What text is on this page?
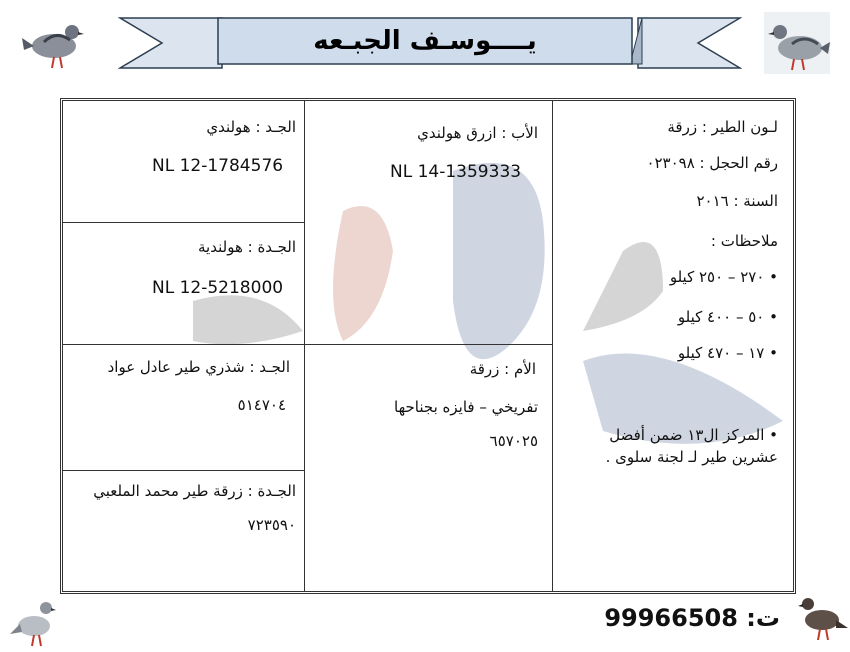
يــــوسـف الجبـعه
لـون الطير : زرقة
رقم الحجل : ٠٢٣٠٩٨
السنة : ٢٠١٦
ملاحظات :
• ٢٧٠ – ٢٥٠ كيلو
• ٥٠ – ٤٠٠ كيلو
• ١٧ – ٤٧٠ كيلو
• المركز ال١٣ ضمن أفضل عشرين طير لـ لجنة سلوى .
الأب : ازرق هولندي
NL 14-1359333
الأم : زرقة
تفريخي – فايزه بجناحها
٦٥٧٠٢٥
الجـد : هولندي
NL 12-1784576
الجـدة : هولندية
NL 12-5218000
الجـد : شذري طير عادل عواد
٥١٤٧٠٤
الجـدة : زرقة طير محمد الملعبي
٧٢٣٥٩٠
ت: 99966508
